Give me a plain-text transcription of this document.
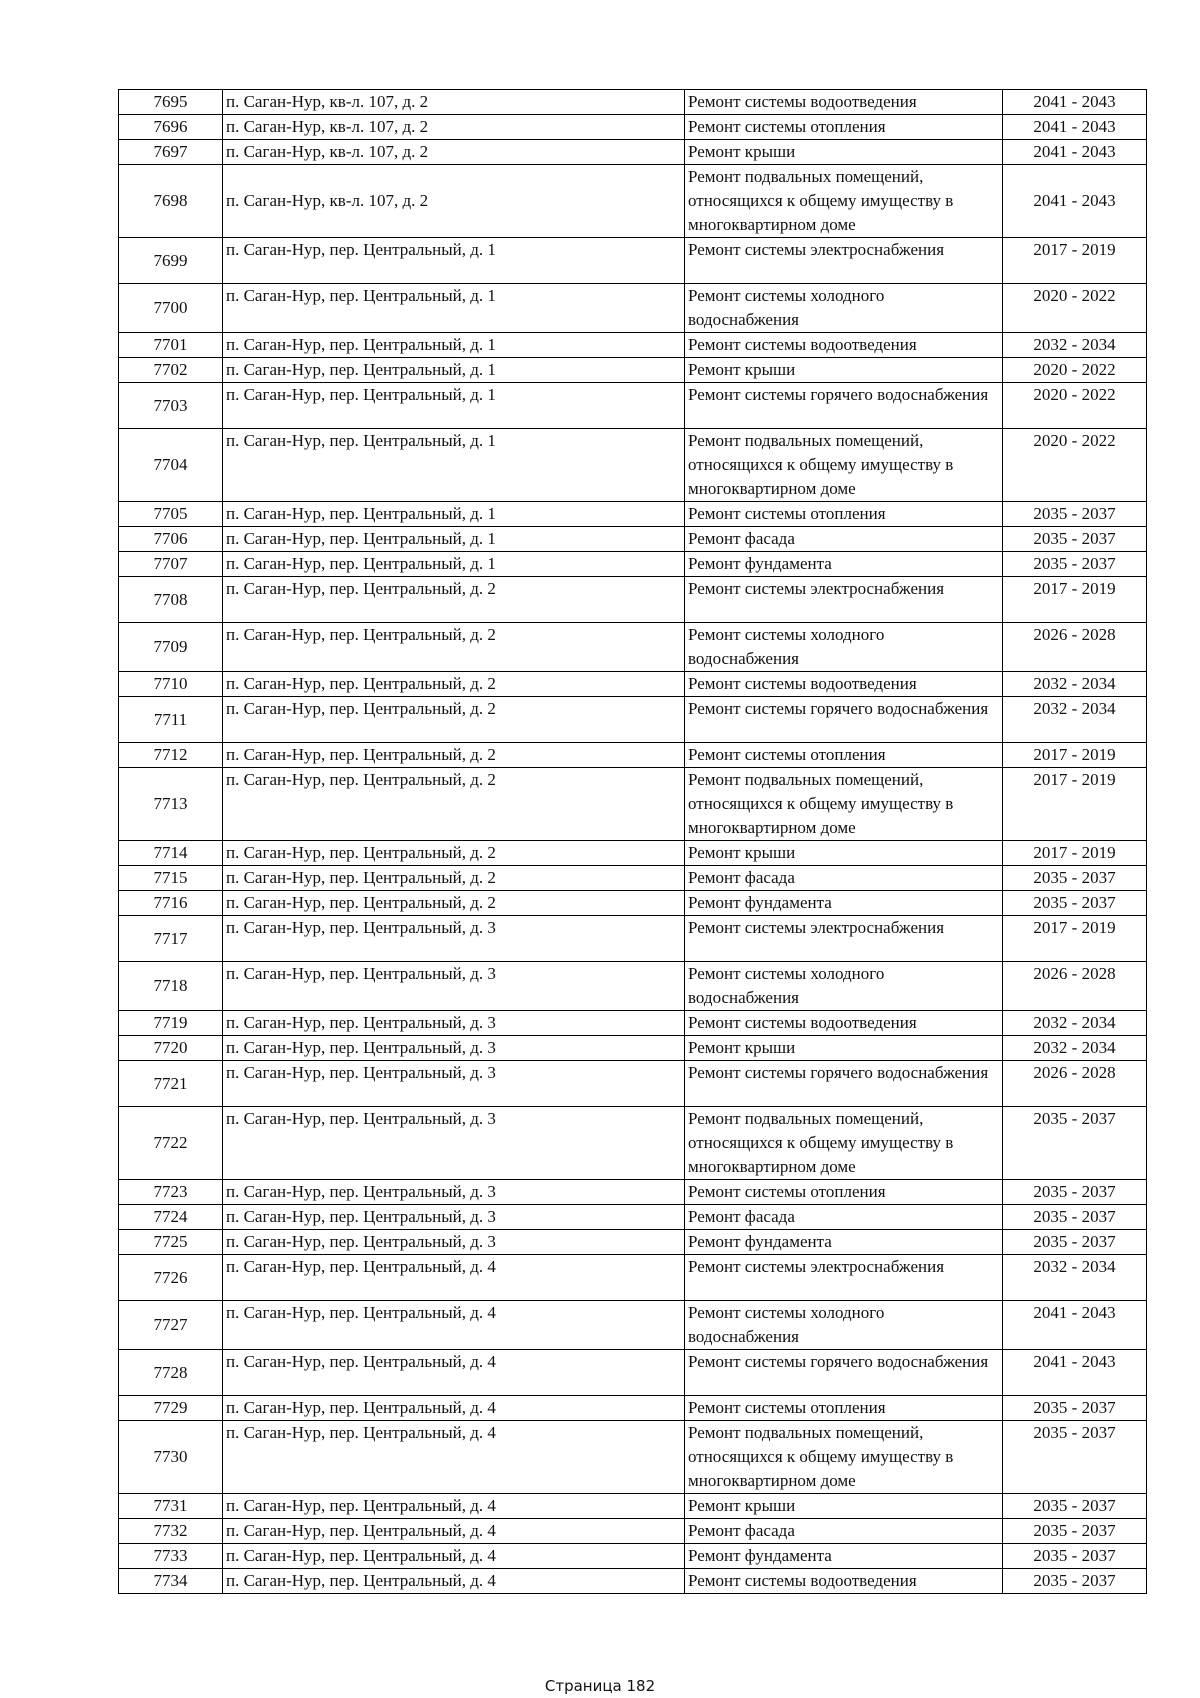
7695	п. Саган-Нур, кв-л. 107, д. 2	Ремонт системы водоотведения	2041 - 2043
7696	п. Саган-Нур, кв-л. 107, д. 2	Ремонт системы отопления	2041 - 2043
7697	п. Саган-Нур, кв-л. 107, д. 2	Ремонт крыши	2041 - 2043
7698	п. Саган-Нур, кв-л. 107, д. 2	Ремонт подвальных помещений, относящихся к общему имуществу в многоквартирном доме	2041 - 2043
7699	п. Саган-Нур, пер. Центральный, д. 1	Ремонт системы электроснабжения	2017 - 2019
7700	п. Саган-Нур, пер. Центральный, д. 1	Ремонт системы холодного водоснабжения	2020 - 2022
7701	п. Саган-Нур, пер. Центральный, д. 1	Ремонт системы водоотведения	2032 - 2034
7702	п. Саган-Нур, пер. Центральный, д. 1	Ремонт крыши	2020 - 2022
7703	п. Саган-Нур, пер. Центральный, д. 1	Ремонт системы горячего водоснабжения	2020 - 2022
7704	п. Саган-Нур, пер. Центральный, д. 1	Ремонт подвальных помещений, относящихся к общему имуществу в многоквартирном доме	2020 - 2022
7705	п. Саган-Нур, пер. Центральный, д. 1	Ремонт системы отопления	2035 - 2037
7706	п. Саган-Нур, пер. Центральный, д. 1	Ремонт фасада	2035 - 2037
7707	п. Саган-Нур, пер. Центральный, д. 1	Ремонт фундамента	2035 - 2037
7708	п. Саган-Нур, пер. Центральный, д. 2	Ремонт системы электроснабжения	2017 - 2019
7709	п. Саган-Нур, пер. Центральный, д. 2	Ремонт системы холодного водоснабжения	2026 - 2028
7710	п. Саган-Нур, пер. Центральный, д. 2	Ремонт системы водоотведения	2032 - 2034
7711	п. Саган-Нур, пер. Центральный, д. 2	Ремонт системы горячего водоснабжения	2032 - 2034
7712	п. Саган-Нур, пер. Центральный, д. 2	Ремонт системы отопления	2017 - 2019
7713	п. Саган-Нур, пер. Центральный, д. 2	Ремонт подвальных помещений, относящихся к общему имуществу в многоквартирном доме	2017 - 2019
7714	п. Саган-Нур, пер. Центральный, д. 2	Ремонт крыши	2017 - 2019
7715	п. Саган-Нур, пер. Центральный, д. 2	Ремонт фасада	2035 - 2037
7716	п. Саган-Нур, пер. Центральный, д. 2	Ремонт фундамента	2035 - 2037
7717	п. Саган-Нур, пер. Центральный, д. 3	Ремонт системы электроснабжения	2017 - 2019
7718	п. Саган-Нур, пер. Центральный, д. 3	Ремонт системы холодного водоснабжения	2026 - 2028
7719	п. Саган-Нур, пер. Центральный, д. 3	Ремонт системы водоотведения	2032 - 2034
7720	п. Саган-Нур, пер. Центральный, д. 3	Ремонт крыши	2032 - 2034
7721	п. Саган-Нур, пер. Центральный, д. 3	Ремонт системы горячего водоснабжения	2026 - 2028
7722	п. Саган-Нур, пер. Центральный, д. 3	Ремонт подвальных помещений, относящихся к общему имуществу в многоквартирном доме	2035 - 2037
7723	п. Саган-Нур, пер. Центральный, д. 3	Ремонт системы отопления	2035 - 2037
7724	п. Саган-Нур, пер. Центральный, д. 3	Ремонт фасада	2035 - 2037
7725	п. Саган-Нур, пер. Центральный, д. 3	Ремонт фундамента	2035 - 2037
7726	п. Саган-Нур, пер. Центральный, д. 4	Ремонт системы электроснабжения	2032 - 2034
7727	п. Саган-Нур, пер. Центральный, д. 4	Ремонт системы холодного водоснабжения	2041 - 2043
7728	п. Саган-Нур, пер. Центральный, д. 4	Ремонт системы горячего водоснабжения	2041 - 2043
7729	п. Саган-Нур, пер. Центральный, д. 4	Ремонт системы отопления	2035 - 2037
7730	п. Саган-Нур, пер. Центральный, д. 4	Ремонт подвальных помещений, относящихся к общему имуществу в многоквартирном доме	2035 - 2037
7731	п. Саган-Нур, пер. Центральный, д. 4	Ремонт крыши	2035 - 2037
7732	п. Саган-Нур, пер. Центральный, д. 4	Ремонт фасада	2035 - 2037
7733	п. Саган-Нур, пер. Центральный, д. 4	Ремонт фундамента	2035 - 2037
7734	п. Саган-Нур, пер. Центральный, д. 4	Ремонт системы водоотведения	2035 - 2037
Страница 182
